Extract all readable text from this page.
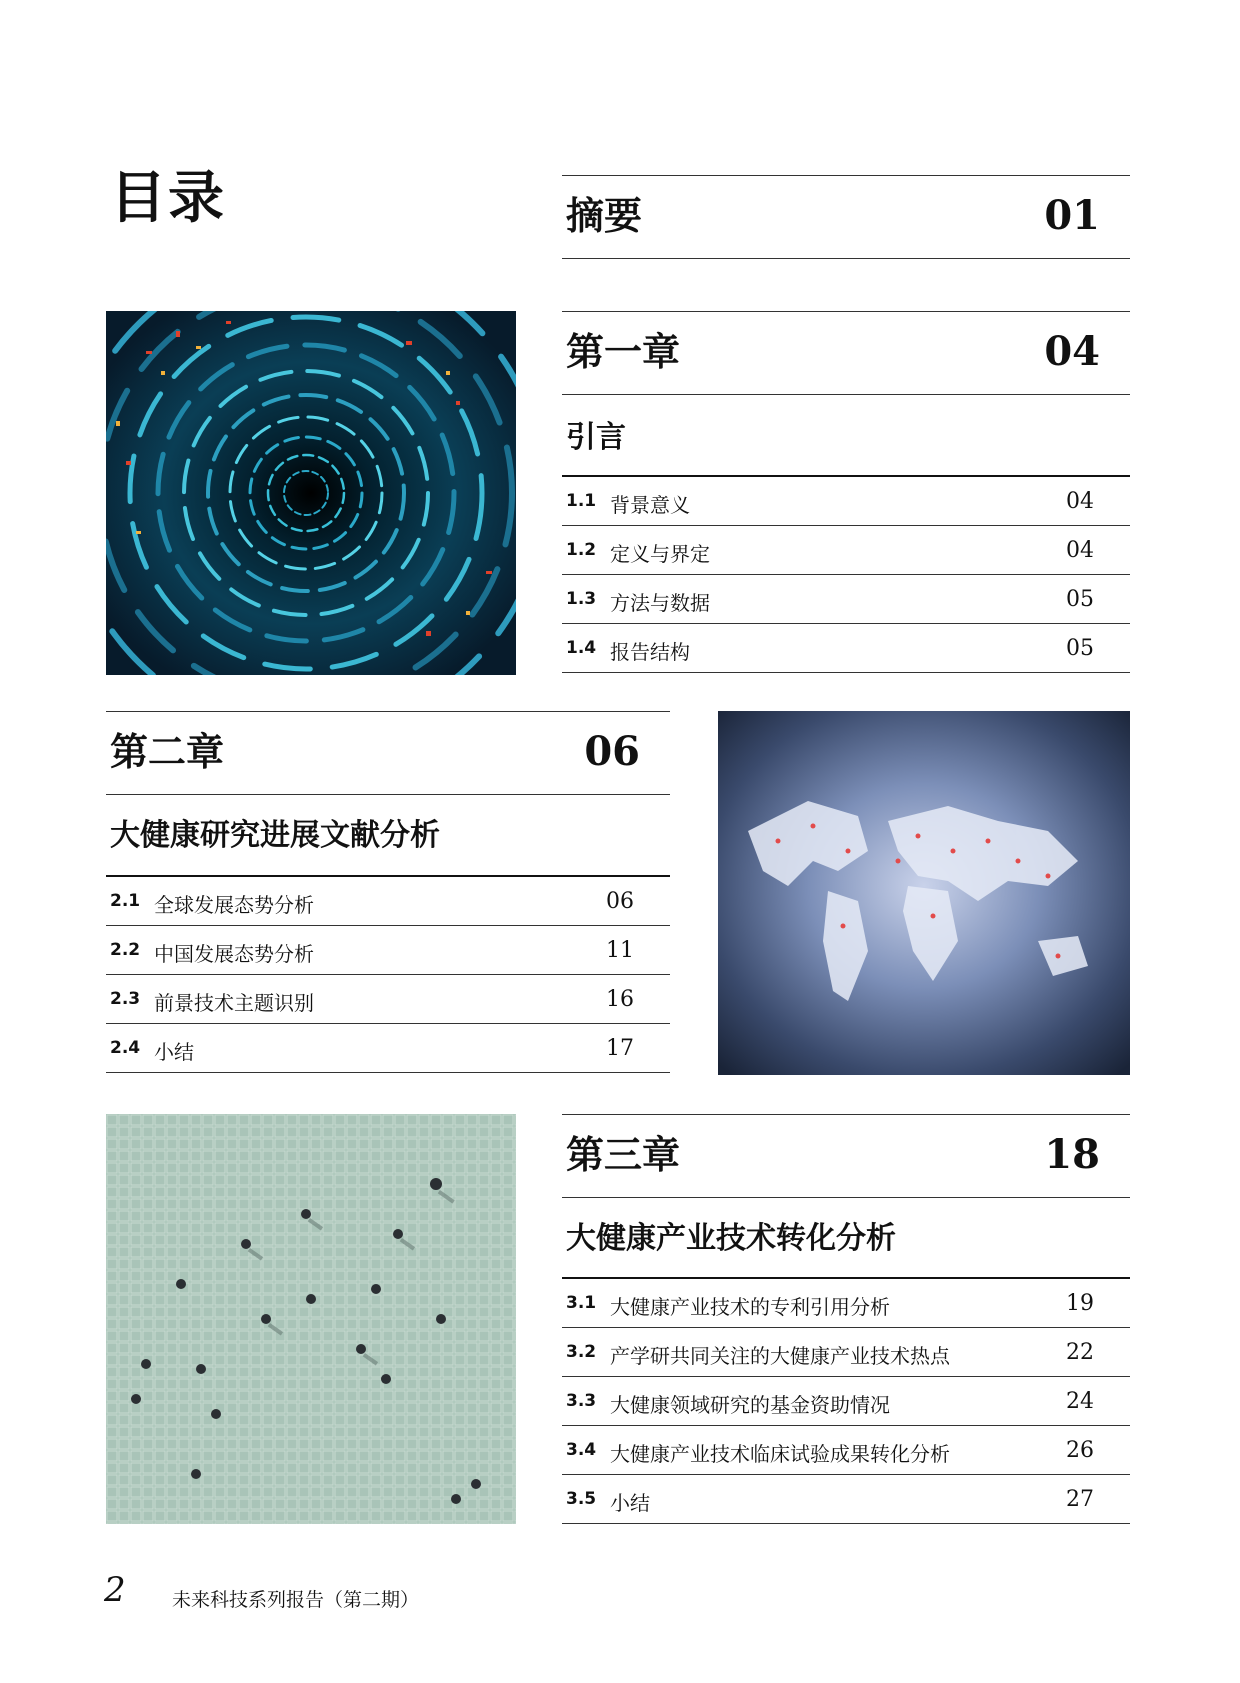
目录	摘要	01
第一章	04
引言
1.1 背景意义	04
1.2 定义与界定	04
1.3 方法与数据	05
1.4 报告结构	05
第二章	06
大健康研究进展文献分析
2.1 全球发展态势分析	06
2.2 中国发展态势分析	11
2.3 前景技术主题识别	16
2.4 小结	17
第三章	18
大健康产业技术转化分析
3.1 大健康产业技术的专利引用分析	19
3.2 产学研共同关注的大健康产业技术热点	22
3.3 大健康领域研究的基金资助情况	24
3.4 大健康产业技术临床试验成果转化分析	26
3.5 小结	27
2 未来科技系列报告（第二期）
